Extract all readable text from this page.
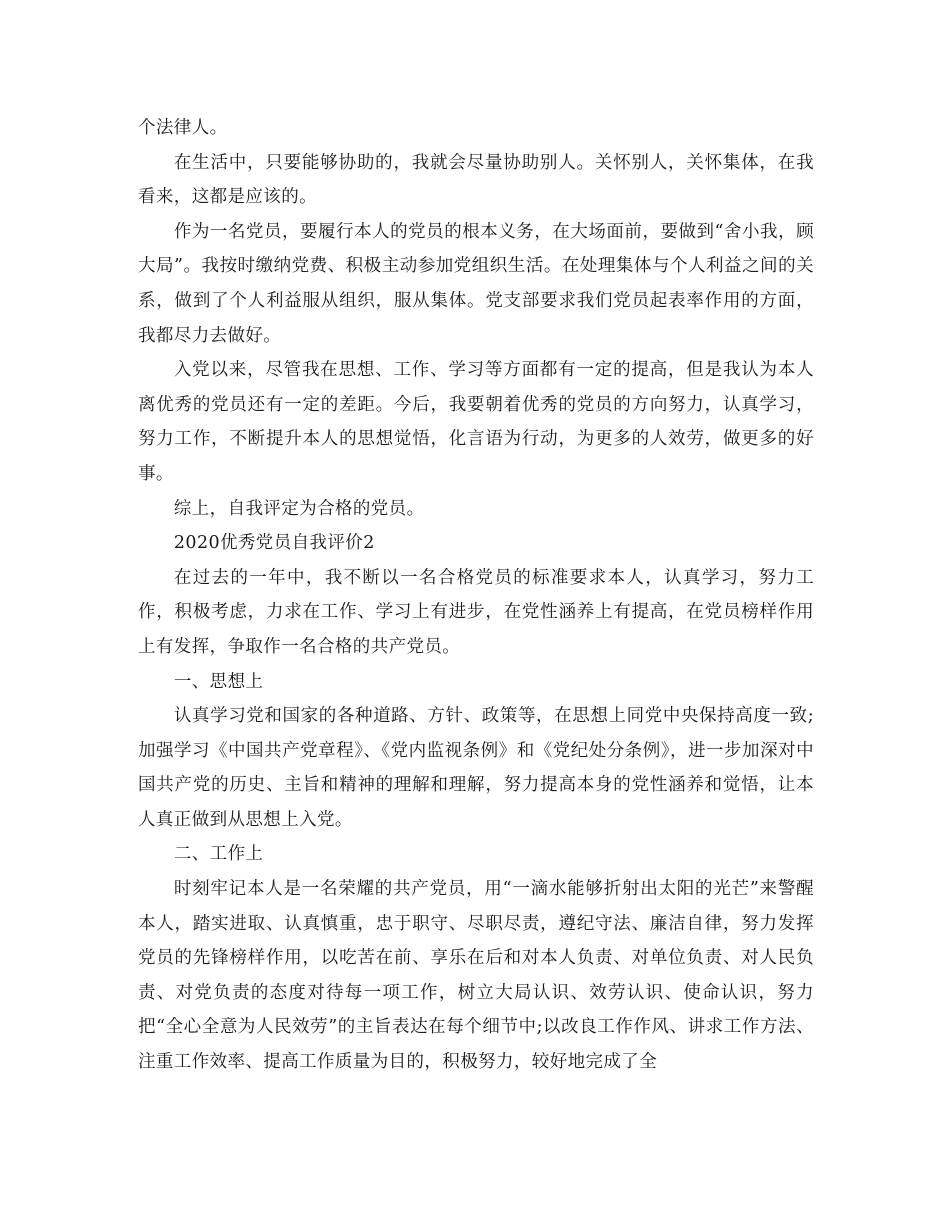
个法律人。

在生活中，只要能够协助的，我就会尽量协助别人。关怀别人，关怀集体，在我看来，这都是应该的。

作为一名党员，要履行本人的党员的根本义务，在大场面前，要做到“舍小我，顾大局”。我按时缴纳党费、积极主动参加党组织生活。在处理集体与个人利益之间的关系，做到了个人利益服从组织，服从集体。党支部要求我们党员起表率作用的方面，我都尽力去做好。

入党以来，尽管我在思想、工作、学习等方面都有一定的提高，但是我认为本人离优秀的党员还有一定的差距。今后，我要朝着优秀的党员的方向努力，认真学习，努力工作，不断提升本人的思想觉悟，化言语为行动，为更多的人效劳，做更多的好事。

综上，自我评定为合格的党员。

2020优秀党员自我评价2

在过去的一年中，我不断以一名合格党员的标准要求本人，认真学习，努力工作，积极考虑，力求在工作、学习上有进步，在党性涵养上有提高，在党员榜样作用上有发挥，争取作一名合格的共产党员。

一、思想上

认真学习党和国家的各种道路、方针、政策等，在思想上同党中央保持高度一致;加强学习《中国共产党章程》、《党内监视条例》和《党纪处分条例》，进一步加深对中国共产党的历史、主旨和精神的理解和理解，努力提高本身的党性涵养和觉悟，让本人真正做到从思想上入党。

二、工作上

时刻牢记本人是一名荣耀的共产党员，用“一滴水能够折射出太阳的光芒”来警醒本人，踏实进取、认真慎重，忠于职守、尽职尽责，遵纪守法、廉洁自律，努力发挥党员的先锋榜样作用，以吃苦在前、享乐在后和对本人负责、对单位负责、对人民负责、对党负责的态度对待每一项工作，树立大局认识、效劳认识、使命认识，努力把“全心全意为人民效劳”的主旨表达在每个细节中;以改良工作作风、讲求工作方法、注重工作效率、提高工作质量为目的，积极努力，较好地完成了全
